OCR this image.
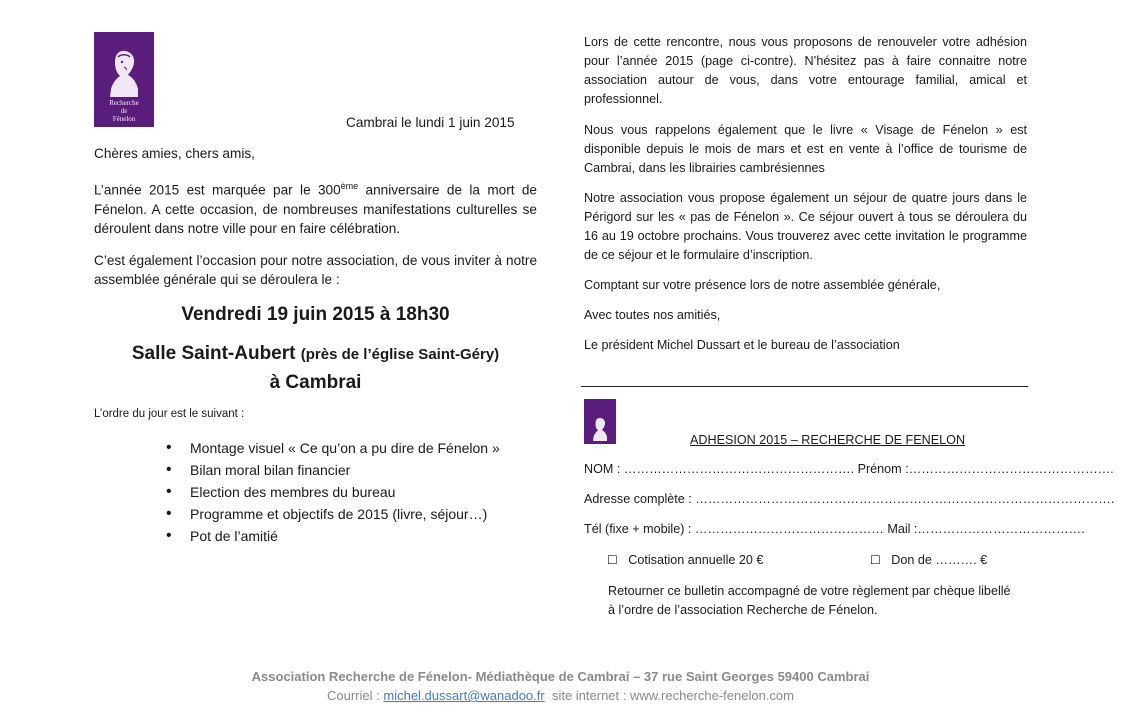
Recherche
de
Fénelon	Cambrai le lundi 1 juin 2015
Chères amies, chers amis,

L’année 2015 est marquée par le 300ème anniversaire de la mort de Fénelon. A cette occasion, de nombreuses manifestations culturelles se déroulent dans notre ville pour en faire célébration.

C’est également l’occasion pour notre association, de vous inviter à notre assemblée générale qui se déroulera le :

Vendredi 19 juin 2015 à 18h30
Salle Saint-Aubert (près de l’église Saint-Géry)
à Cambrai
L’ordre du jour est le suivant :
• Montage visuel « Ce qu’on a pu dire de Fénelon »
• Bilan moral bilan financier
• Election des membres du bureau
• Programme et objectifs de 2015 (livre, séjour…)
• Pot de l’amitié

Lors de cette rencontre, nous vous proposons de renouveler votre adhésion pour l’année 2015 (page ci-contre). N’hésitez pas à faire connaitre notre association autour de vous, dans votre entourage familial, amical et professionnel.

Nous vous rappelons également que le livre « Visage de Fénelon » est disponible depuis le mois de mars et est en vente à l’office de tourisme de Cambrai, dans les librairies cambrésiennes

Notre association vous propose également un séjour de quatre jours dans le Périgord sur les « pas de Fénelon ». Ce séjour ouvert à tous se déroulera du 16 au 19 octobre prochains. Vous trouverez avec cette invitation le programme de ce séjour et le formulaire d’inscription.

Comptant sur votre présence lors de notre assemblée générale,

Avec toutes nos amitiés,

Le président Michel Dussart et le bureau de l’association

ADHESION 2015 – RECHERCHE DE FENELON
NOM : ………………………………………………. Prénom :………………………………………….
Adresse complète : ……………………………………………………………………………………….
Tél (fixe + mobile) : ……………………………………… Mail :………………………………….
☐ Cotisation annuelle 20 €	☐ Don de ………. €

Retourner ce bulletin accompagné de votre règlement par chèque libellé à l’ordre de l’association Recherche de Fénelon.

Association Recherche de Fénelon- Médiathèque de Cambrai – 37 rue Saint Georges 59400 Cambrai
Courriel : michel.dussart@wanadoo.fr site internet : www.recherche-fenelon.com
